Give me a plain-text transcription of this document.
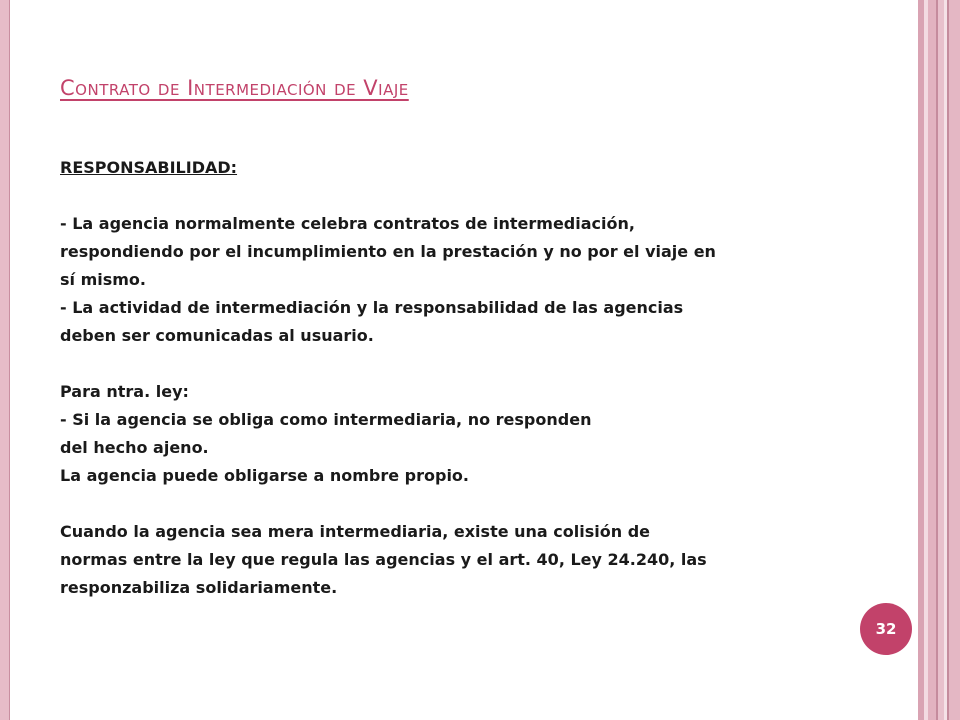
Contrato de Intermediación de Viaje

RESPONSABILIDAD:

- La agencia normalmente celebra contratos de intermediación,

respondiendo por el incumplimiento en la prestación y no por el viaje en

sí mismo.

- La actividad de intermediación y la responsabilidad de las agencias

deben ser comunicadas al usuario.

Para ntra. ley:

- Si la agencia se obliga como intermediaria, no responden

del hecho ajeno.

La agencia puede obligarse a nombre propio.

Cuando la agencia sea mera intermediaria, existe una colisión de

normas entre la ley que regula las agencias y el art. 40, Ley 24.240, las

responzabiliza solidariamente.

32
